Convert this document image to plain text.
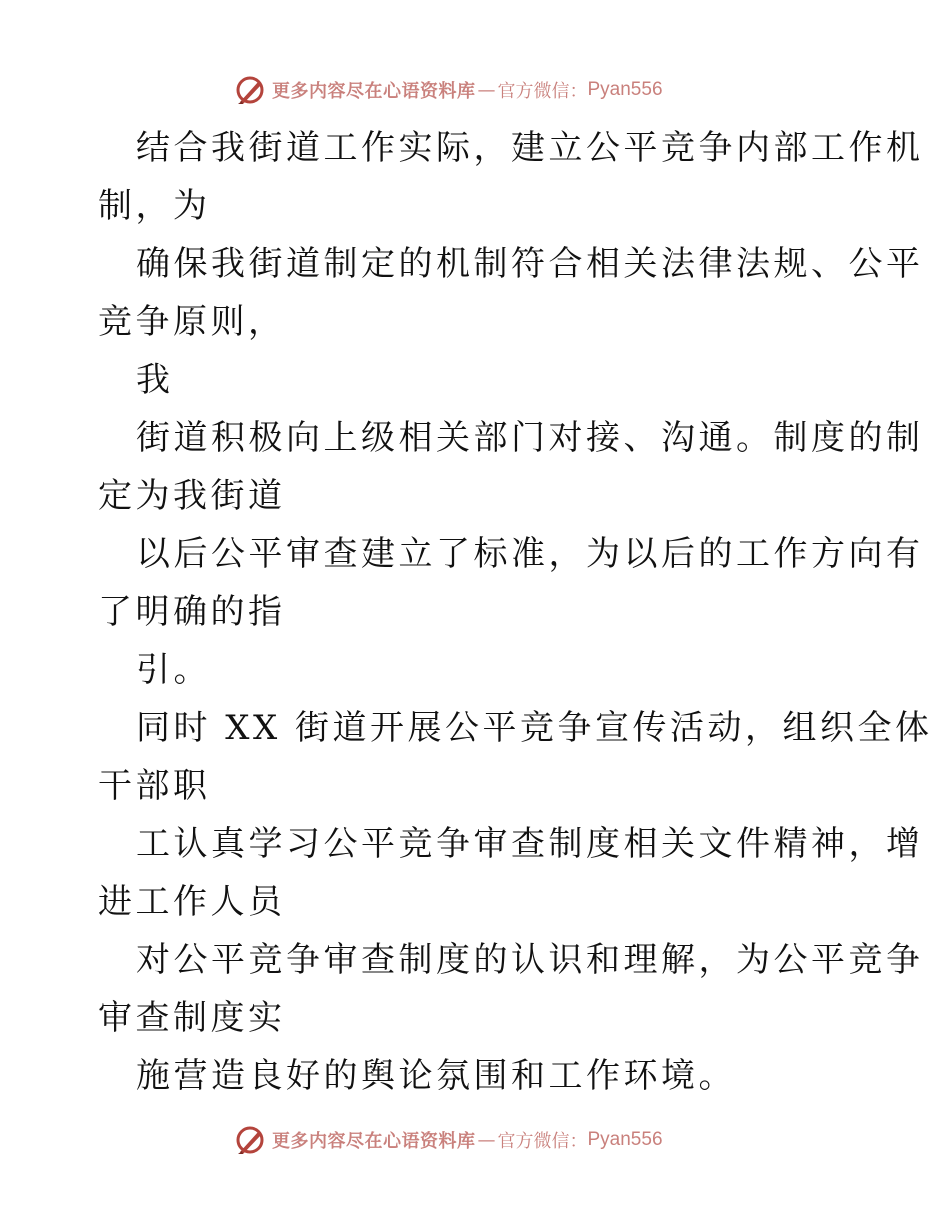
更多内容尽在心语资料库 — 官方微信： Pyan556
结合我街道工作实际，建立公平竞争内部工作机
制，为
确保我街道制定的机制符合相关法律法规、公平
竞争原则，
我
街道积极向上级相关部门对接、沟通。制度的制
定为我街道
以后公平审查建立了标准，为以后的工作方向有
了明确的指
引。
同时 XX 街道开展公平竞争宣传活动，组织全体
干部职
工认真学习公平竞争审查制度相关文件精神，增
进工作人员
对公平竞争审查制度的认识和理解，为公平竞争
审查制度实
施营造良好的舆论氛围和工作环境。
更多内容尽在心语资料库 — 官方微信： Pyan556
